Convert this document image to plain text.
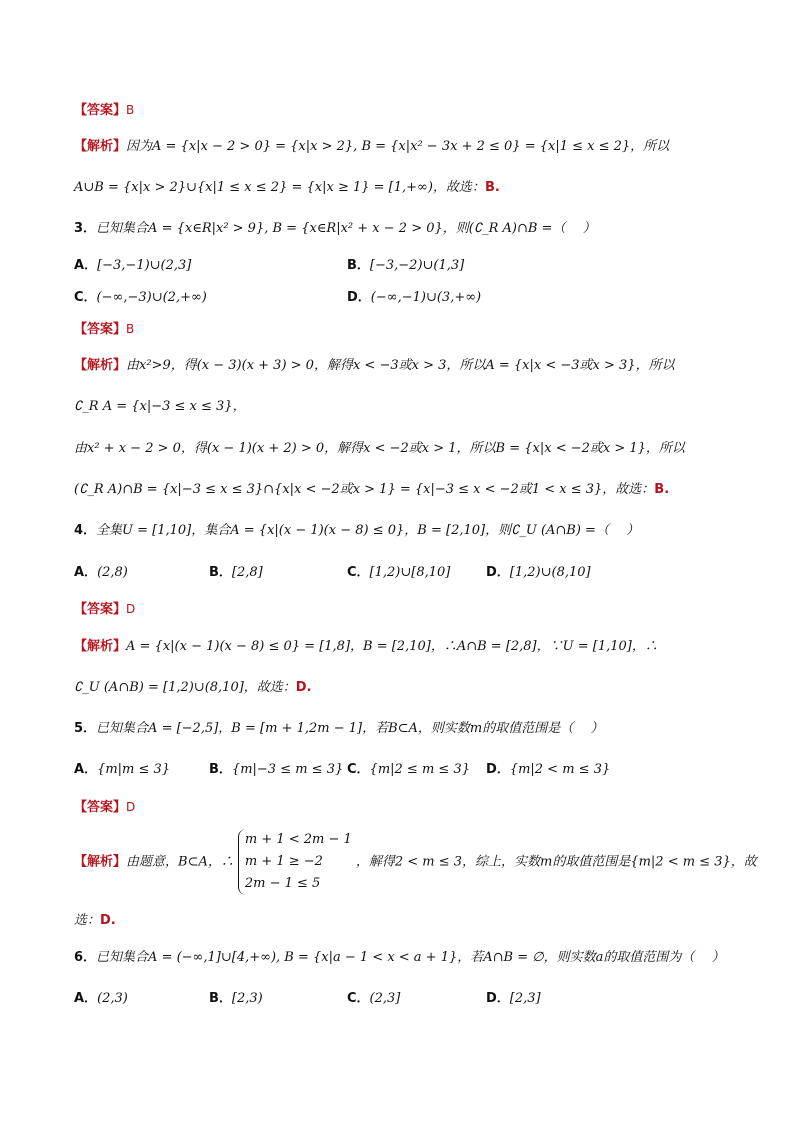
【答案】B
【解析】因为A = {x|x − 2 > 0} = {x|x > 2}, B = {x|x² − 3x + 2 ≤ 0} = {x|1 ≤ x ≤ 2}，所以
A∪B = {x|x > 2}∪{x|1 ≤ x ≤ 2} = {x|x ≥ 1} = [1,+∞)，故选：B.
3．已知集合A = {x∈R|x² > 9}, B = {x∈R|x² + x − 2 > 0}，则(∁_R A)∩B =（　 ）
A．[−3,−1)∪(2,3]	B．[−3,−2)∪(1,3]
C．(−∞,−3)∪(2,+∞)	D．(−∞,−1)∪(3,+∞)
【答案】B
【解析】由x²>9，得(x − 3)(x + 3) > 0，解得x < −3或x > 3，所以A = {x|x < −3或x > 3}，所以
∁_R A = {x|−3 ≤ x ≤ 3}，
由x² + x − 2 > 0，得(x − 1)(x + 2) > 0，解得x < −2或x > 1，所以B = {x|x < −2或x > 1}，所以
(∁_R A)∩B = {x|−3 ≤ x ≤ 3}∩{x|x < −2或x > 1} = {x|−3 ≤ x < −2或1 < x ≤ 3}，故选：B.
4．全集U = [1,10]，集合A = {x|(x − 1)(x − 8) ≤ 0}，B = [2,10]，则∁_U (A∩B) =（　 ）
A．(2,8)	B．[2,8]	C．[1,2)∪[8,10]	D．[1,2)∪(8,10]
【答案】D
【解析】A = {x|(x − 1)(x − 8) ≤ 0} = [1,8]，B = [2,10]，∴A∩B = [2,8]，∵U = [1,10]，∴
∁_U (A∩B) = [1,2)∪(8,10]，故选：D.
5．已知集合A = [−2,5]，B = [m + 1,2m − 1]，若B⊂A，则实数m的取值范围是（　 ）
A．{m|m ≤ 3}	B．{m|−3 ≤ m ≤ 3} C．{m|2 ≤ m ≤ 3} D．{m|2 < m ≤ 3}
【答案】D
【解析】由题意，B⊂A，∴m + 1 < 2m − 1
m + 1 ≥ −2
2m − 1 ≤ 5，解得2 < m ≤ 3，综上，实数m的取值范围是{m|2 < m ≤ 3}，故
选：D.
6．已知集合A = (−∞,1]∪[4,+∞), B = {x|a − 1 < x < a + 1}，若A∩B = ∅，则实数a的取值范围为（　 ）
A．(2,3)	B．[2,3)	C．(2,3]	D．[2,3]
